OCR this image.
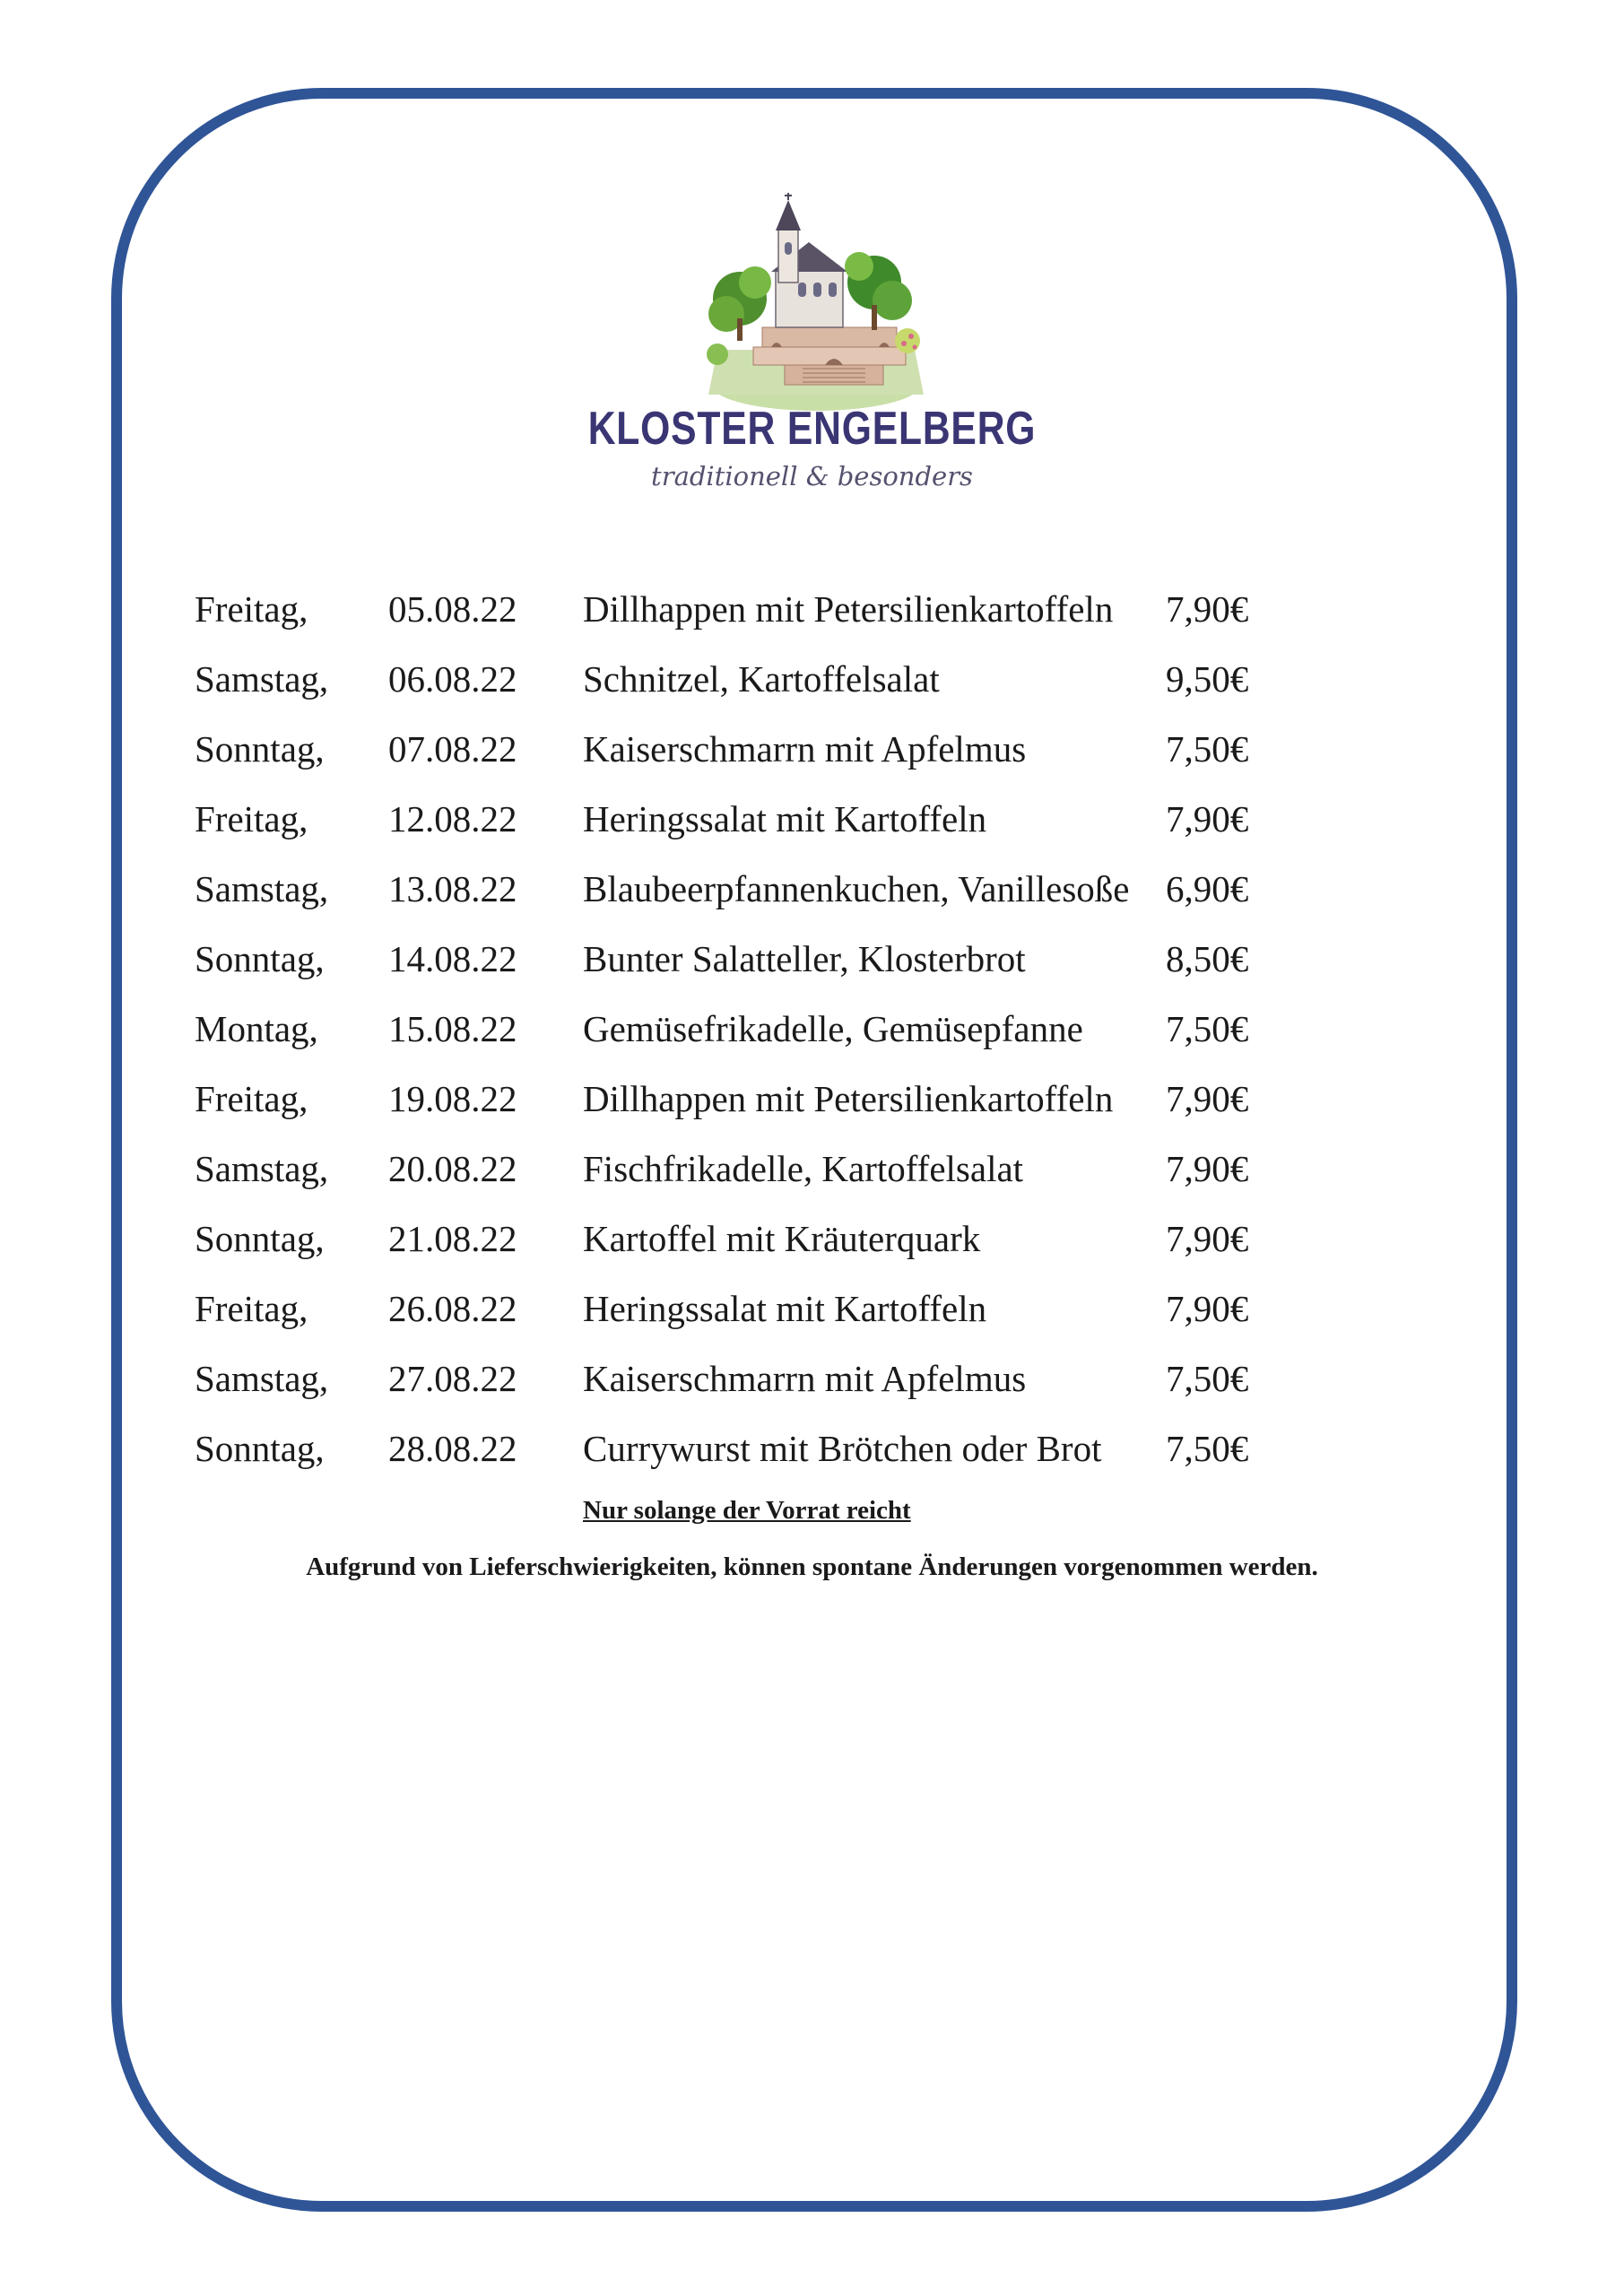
KLOSTER ENGELBERG
traditionell & besonders
Freitag, 05.08.22 Dillhappen mit Petersilienkartoffeln 7,90€
Samstag, 06.08.22 Schnitzel, Kartoffelsalat	9,50€
Sonntag, 07.08.22 Kaiserschmarrn mit Apfelmus	7,50€
Freitag, 12.08.22 Heringssalat mit Kartoffeln	7,90€
Samstag, 13.08.22 Blaubeerpfannenkuchen, Vanillesoße 6,90€
Sonntag, 14.08.22 Bunter Salatteller, Klosterbrot	8,50€
Montag, 15.08.22 Gemüsefrikadelle, Gemüsepfanne 7,50€
Freitag, 19.08.22 Dillhappen mit Petersilienkartoffeln 7,90€
Samstag, 20.08.22 Fischfrikadelle, Kartoffelsalat	7,90€
Sonntag, 21.08.22 Kartoffel mit Kräuterquark	7,90€
Freitag, 26.08.22 Heringssalat mit Kartoffeln	7,90€
Samstag, 27.08.22 Kaiserschmarrn mit Apfelmus	7,50€
Sonntag, 28.08.22 Currywurst mit Brötchen oder Brot 7,50€
Nur solange der Vorrat reicht
Aufgrund von Lieferschwierigkeiten, können spontane Änderungen vorgenommen werden.
